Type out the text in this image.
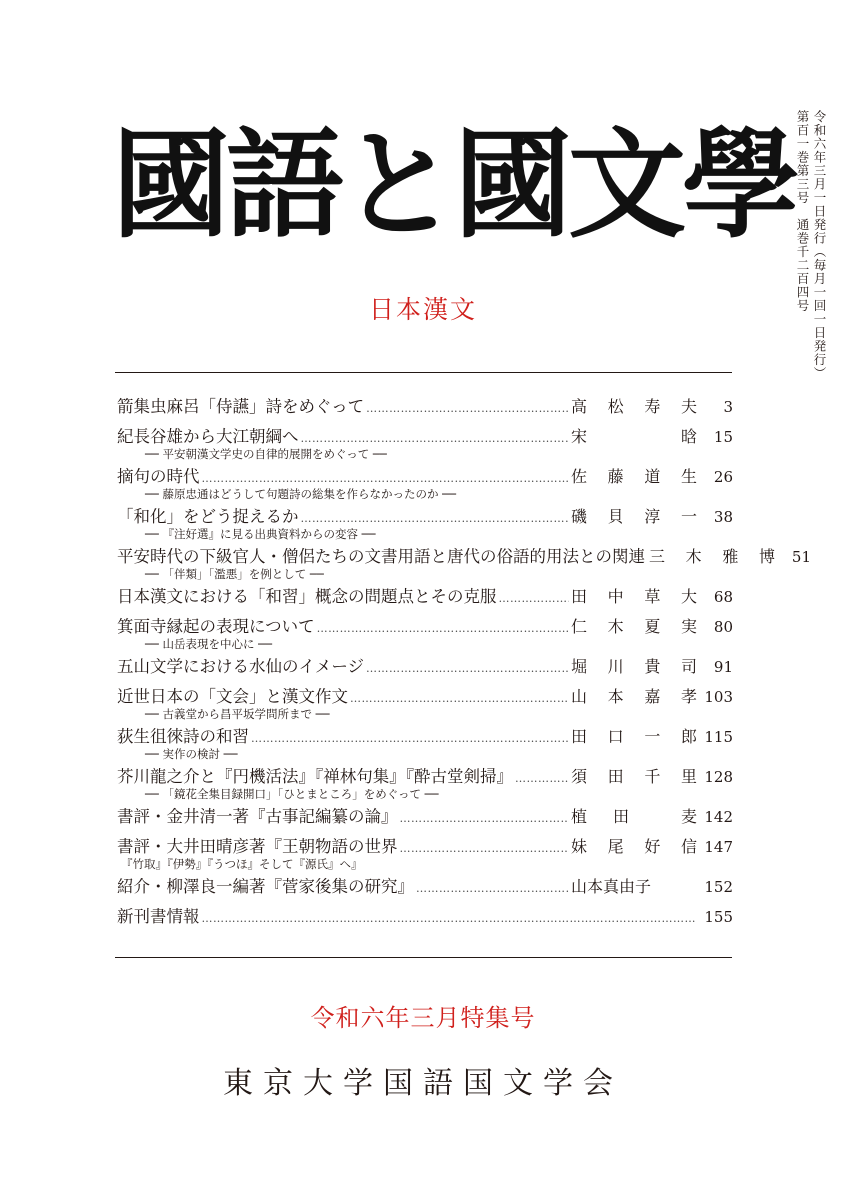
國語と國文學 令和六年三月一日発行（毎月一回一日発行）
第百一巻第三号　通巻千二百四号
日本漢文
箭集虫麻呂「侍讌」詩をめぐって ………………………………………………………………………………………………………………………………	高 松 寿 夫	3
紀長谷雄から大江朝綱へ ………………………………………………………………………………………………………………………………	宋	晗	15
── 平安朝漢文学史の自律的展開をめぐって ──
摘句の時代 ………………………………………………………………………………………………………………………………	佐 藤 道 生	26
── 藤原忠通はどうして句題詩の総集を作らなかったのか ──
「和化」をどう捉えるか ………………………………………………………………………………………………………………………………	磯 貝 淳 一	38
── 『注好選』に見る出典資料からの変容 ──
平安時代の下級官人・僧侶たちの文書用語と唐代の俗語的用法との関連 三 木 雅 博	51
── 「伴類」「濫悪」を例として ──
日本漢文における「和習」概念の問題点とその克服 ………………………………………………………………………………………………………………………………	田 中 草 大	68
箕面寺縁起の表現について ………………………………………………………………………………………………………………………………	仁 木 夏 実	80
── 山岳表現を中心に ──
五山文学における水仙のイメージ ………………………………………………………………………………………………………………………………	堀 川 貴 司	91
近世日本の「文会」と漢文作文 ………………………………………………………………………………………………………………………………	山 本 嘉 孝 103
── 古義堂から昌平坂学問所まで ──
荻生徂徠詩の和習 ………………………………………………………………………………………………………………………………	田 口 一 郎 115
── 実作の検討 ──
芥川龍之介と『円機活法』『禅林句集』『酔古堂剣掃』 ………………………………………………………………………………………………………………………………	須 田 千 里 128
── 「鏡花全集目録開口」「ひとまところ」をめぐって ──
書評・金井清一著『古事記編纂の論』 ………………………………………………………………………………………………………………………………	植 田	麦 142
書評・大井田晴彦著『王朝物語の世界 ………………………………………………………………………………………………………………………………	妹 尾 好 信 147
『竹取』『伊勢』『うつほ』そして『源氏』へ』
紹介・柳澤良一編著『菅家後集の研究』 ………………………………………………………………………………………………………………………………	山本真由子	152
新刊書情報 ………………………………………………………………………………………………………………………………	155
令和六年三月特集号
東京大学国語国文学会
